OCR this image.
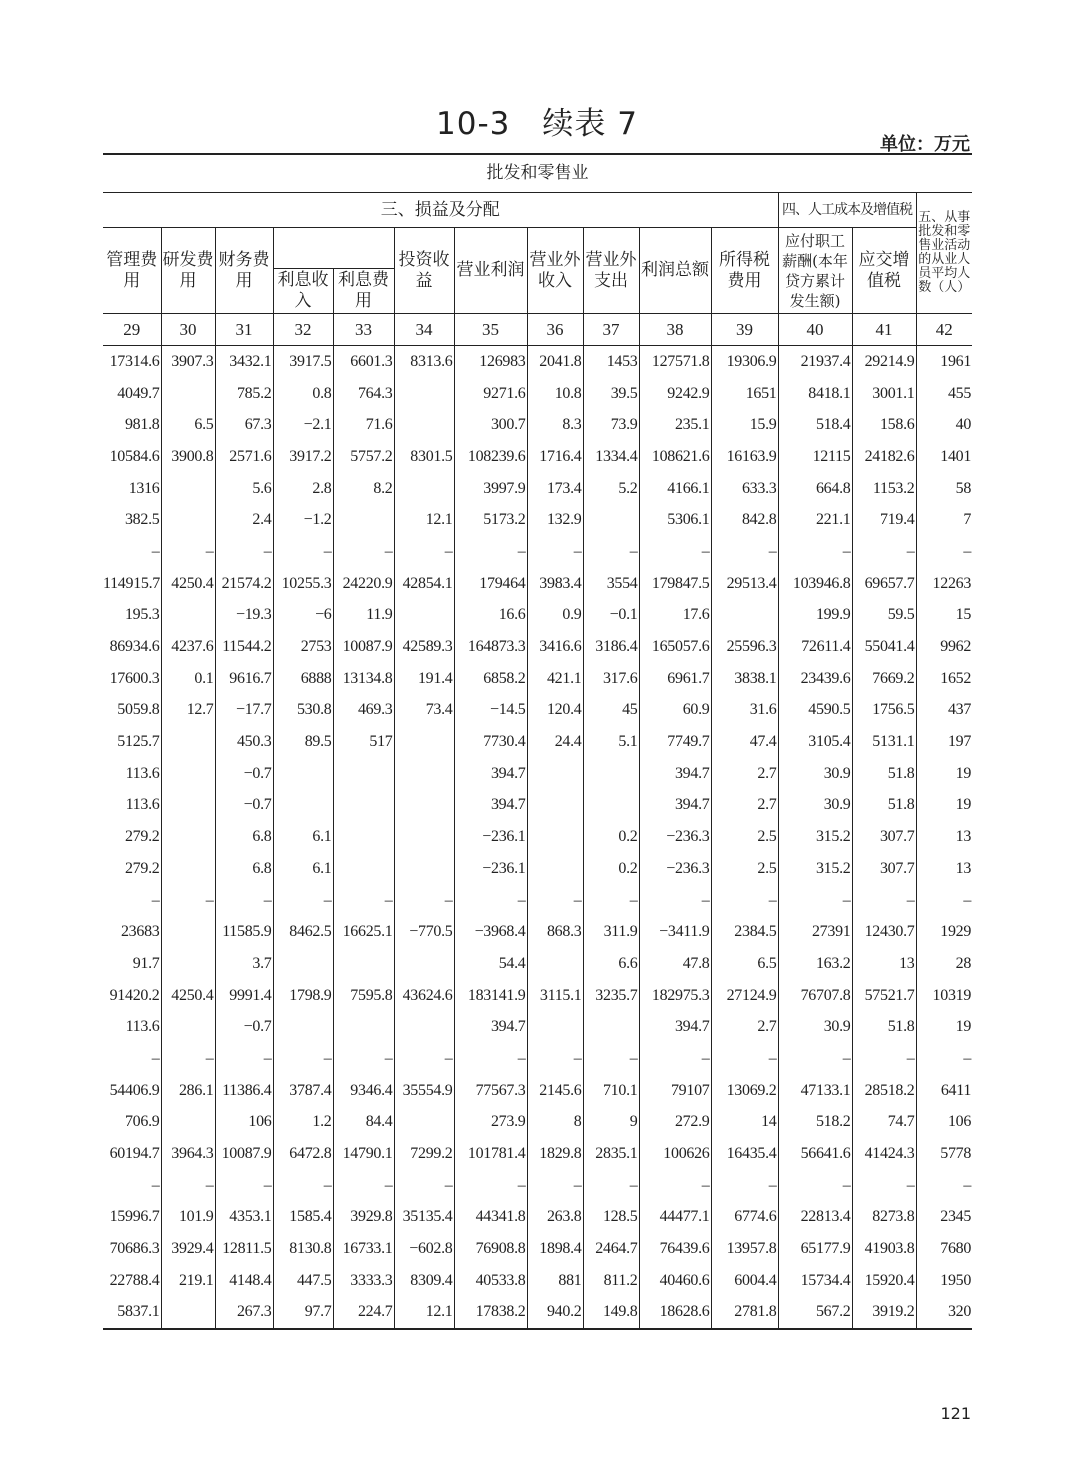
10-3　续表 7
单位：万元
批发和零售业													
三、损益及分配											四、人工成本及增值税		五、从事批发和零售业活动的从业人员平均人数（人）
管理费用	研发费用	财务费用			投资收益	营业利润	营业外收入	营业外支出	利润总额	所得税费用	应付职工薪酬(本年贷方累计发生额)	应交增值税	
			利息收入	利息费用									
29	30	31	32	33	34	35	36	37	38	39	40	41	42
17314.6	3907.3	3432.1	3917.5	6601.3	8313.6	126983	2041.8	1453	127571.8	19306.9	21937.4	29214.9	1961
4049.7		785.2	0.8	764.3		9271.6	10.8	39.5	9242.9	1651	8418.1	3001.1	455
981.8	6.5	67.3	−2.1	71.6		300.7	8.3	73.9	235.1	15.9	518.4	158.6	40
10584.6	3900.8	2571.6	3917.2	5757.2	8301.5	108239.6	1716.4	1334.4	108621.6	16163.9	12115	24182.6	1401
1316		5.6	2.8	8.2		3997.9	173.4	5.2	4166.1	633.3	664.8	1153.2	58
382.5		2.4	−1.2		12.1	5173.2	132.9		5306.1	842.8	221.1	719.4	7
–	–	–	–	–	–	–	–	–	–	–	–	–	–
114915.7	4250.4	21574.2	10255.3	24220.9	42854.1	179464	3983.4	3554	179847.5	29513.4	103946.8	69657.7	12263
195.3		−19.3	−6	11.9		16.6	0.9	−0.1	17.6		199.9	59.5	15
86934.6	4237.6	11544.2	2753	10087.9	42589.3	164873.3	3416.6	3186.4	165057.6	25596.3	72611.4	55041.4	9962
17600.3	0.1	9616.7	6888	13134.8	191.4	6858.2	421.1	317.6	6961.7	3838.1	23439.6	7669.2	1652
5059.8	12.7	−17.7	530.8	469.3	73.4	−14.5	120.4	45	60.9	31.6	4590.5	1756.5	437
5125.7		450.3	89.5	517		7730.4	24.4	5.1	7749.7	47.4	3105.4	5131.1	197
113.6		−0.7				394.7			394.7	2.7	30.9	51.8	19
113.6		−0.7				394.7			394.7	2.7	30.9	51.8	19
279.2		6.8	6.1			−236.1		0.2	−236.3	2.5	315.2	307.7	13
279.2		6.8	6.1			−236.1		0.2	−236.3	2.5	315.2	307.7	13
–	–	–	–	–	–	–	–	–	–	–	–	–	–
23683		11585.9	8462.5	16625.1	−770.5	−3968.4	868.3	311.9	−3411.9	2384.5	27391	12430.7	1929
91.7		3.7				54.4		6.6	47.8	6.5	163.2	13	28
91420.2	4250.4	9991.4	1798.9	7595.8	43624.6	183141.9	3115.1	3235.7	182975.3	27124.9	76707.8	57521.7	10319
113.6		−0.7				394.7			394.7	2.7	30.9	51.8	19
–	–	–	–	–	–	–	–	–	–	–	–	–	–
54406.9	286.1	11386.4	3787.4	9346.4	35554.9	77567.3	2145.6	710.1	79107	13069.2	47133.1	28518.2	6411
706.9		106	1.2	84.4		273.9	8	9	272.9	14	518.2	74.7	106
60194.7	3964.3	10087.9	6472.8	14790.1	7299.2	101781.4	1829.8	2835.1	100626	16435.4	56641.6	41424.3	5778
–	–	–	–	–	–	–	–	–	–	–	–	–	–
15996.7	101.9	4353.1	1585.4	3929.8	35135.4	44341.8	263.8	128.5	44477.1	6774.6	22813.4	8273.8	2345
70686.3	3929.4	12811.5	8130.8	16733.1	−602.8	76908.8	1898.4	2464.7	76439.6	13957.8	65177.9	41903.8	7680
22788.4	219.1	4148.4	447.5	3333.3	8309.4	40533.8	881	811.2	40460.6	6004.4	15734.4	15920.4	1950
5837.1		267.3	97.7	224.7	12.1	17838.2	940.2	149.8	18628.6	2781.8	567.2	3919.2	320
121
